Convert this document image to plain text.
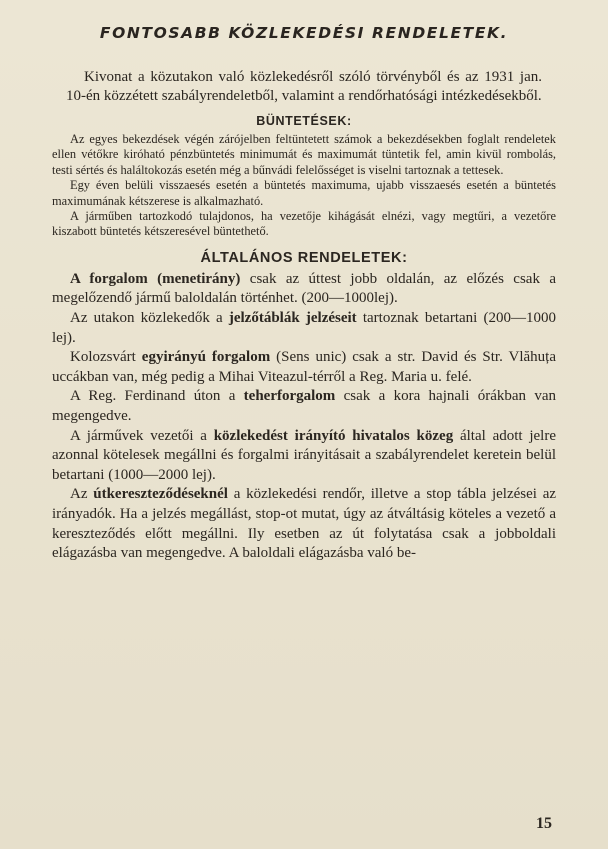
FONTOSABB KÖZLEKEDÉSI RENDELETEK.

Kivonat a közutakon való közlekedésről szóló törvényből és az 1931 jan. 10-én közzétett szabályrendeletből, valamint a rendőrhatósági intézkedésekből.

BÜNTETÉSEK:

Az egyes bekezdések végén zárójelben feltüntetett számok a bekezdésekben foglalt rendeletek ellen vétőkre kiróható pénzbüntetés minimumát és maximumát tüntetik fel, amin kivül rombolás, testi sértés és haláltokozás esetén még a bűnvádi felelősséget is viselni tartoznak a tettesek.

Egy éven belüli visszaesés esetén a büntetés maximuma, ujabb visszaesés esetén a büntetés maximumának kétszerese is alkalmazható.

A járműben tartozkodó tulajdonos, ha vezetője kihágását elnézi, vagy megtűri, a vezetőre kiszabott büntetés kétszeresével büntethető.

ÁLTALÁNOS RENDELETEK:

A forgalom (menetirány) csak az úttest jobb oldalán, az előzés csak a megelőzendő jármű baloldalán történhet. (200—1000lej).

Az utakon közlekedők a jelzőtáblák jelzéseit tartoznak betartani (200—1000 lej).

Kolozsvárt egyirányú forgalom (Sens unic) csak a str. David és Str. Vlăhuța uccákban van, még pedig a Mihai Viteazul-térről a Reg. Maria u. felé.

A Reg. Ferdinand úton a teherforgalom csak a kora hajnali órákban van megengedve.

A járművek vezetői a közlekedést irányító hivatalos közeg által adott jelre azonnal kötelesek megállni és forgalmi irányitásait a szabályrendelet keretein belül betartani (1000—2000 lej).

Az útkereszteződéseknél a közlekedési rendőr, illetve a stop tábla jelzései az irányadók. Ha a jelzés megállást, stop-ot mutat, úgy az átváltásig köteles a vezető a kereszteződés előtt megállni. Ily esetben az út folytatása csak a jobboldali elágazásba van megengedve. A baloldali elágazásba való be-

15
